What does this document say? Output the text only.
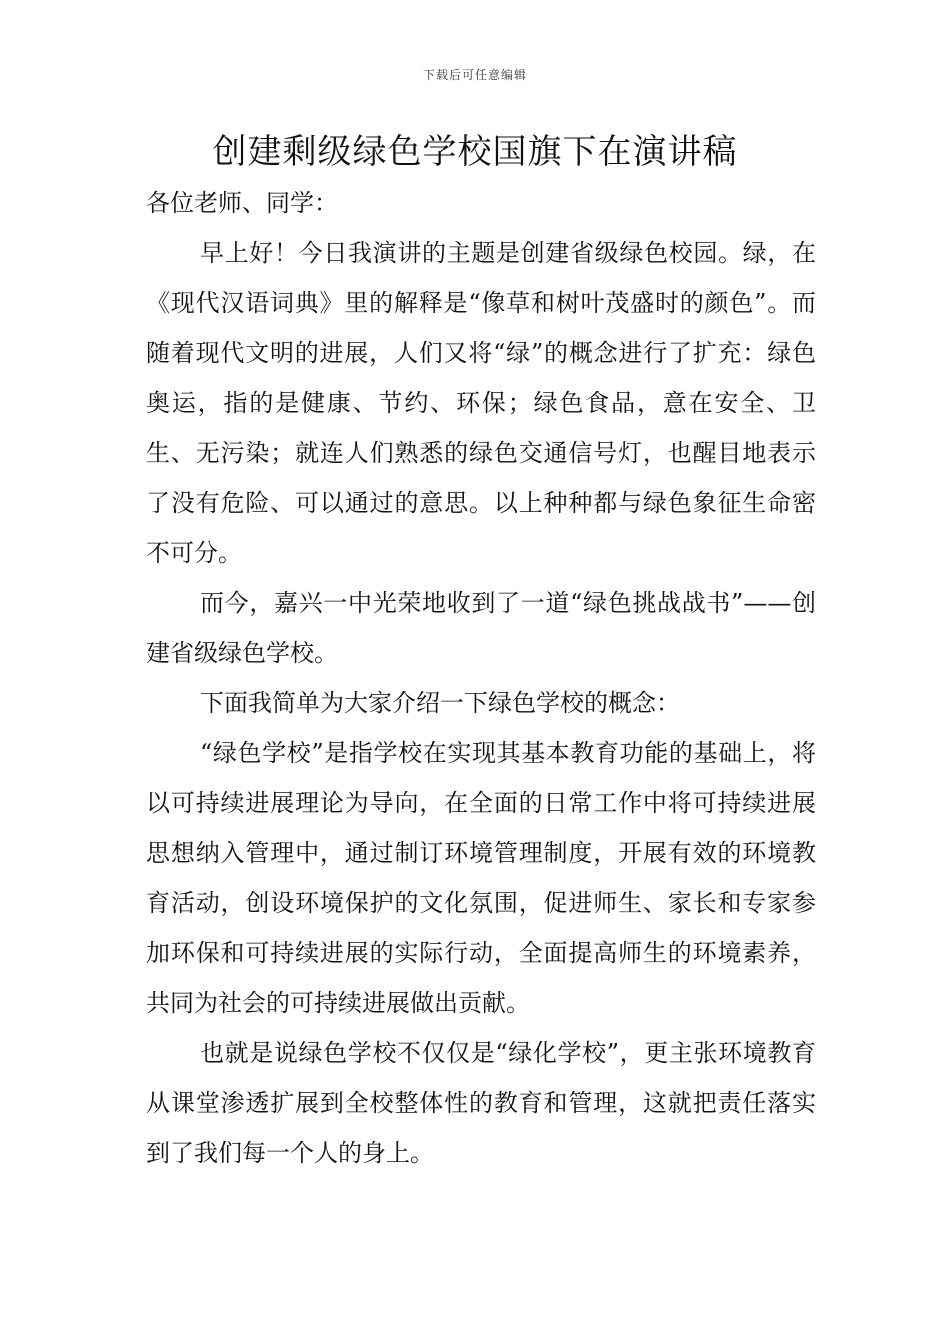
下载后可任意编辑
创建剩级绿色学校国旗下在演讲稿

各位老师、同学：

早上好！今日我演讲的主题是创建省级绿色校园。绿，在《现代汉语词典》里的解释是“像草和树叶茂盛时的颜色”。而随着现代文明的进展，人们又将“绿”的概念进行了扩充：绿色奥运，指的是健康、节约、环保；绿色食品，意在安全、卫生、无污染；就连人们熟悉的绿色交通信号灯，也醒目地表示了没有危险、可以通过的意思。以上种种都与绿色象征生命密不可分。

而今，嘉兴一中光荣地收到了一道“绿色挑战战书”——创建省级绿色学校。

下面我简单为大家介绍一下绿色学校的概念：

“绿色学校”是指学校在实现其基本教育功能的基础上，将以可持续进展理论为导向，在全面的日常工作中将可持续进展思想纳入管理中，通过制订环境管理制度，开展有效的环境教育活动，创设环境保护的文化氛围，促进师生、家长和专家参加环保和可持续进展的实际行动，全面提高师生的环境素养，共同为社会的可持续进展做出贡献。

也就是说绿色学校不仅仅是“绿化学校”，更主张环境教育从课堂渗透扩展到全校整体性的教育和管理，这就把责任落实到了我们每一个人的身上。
